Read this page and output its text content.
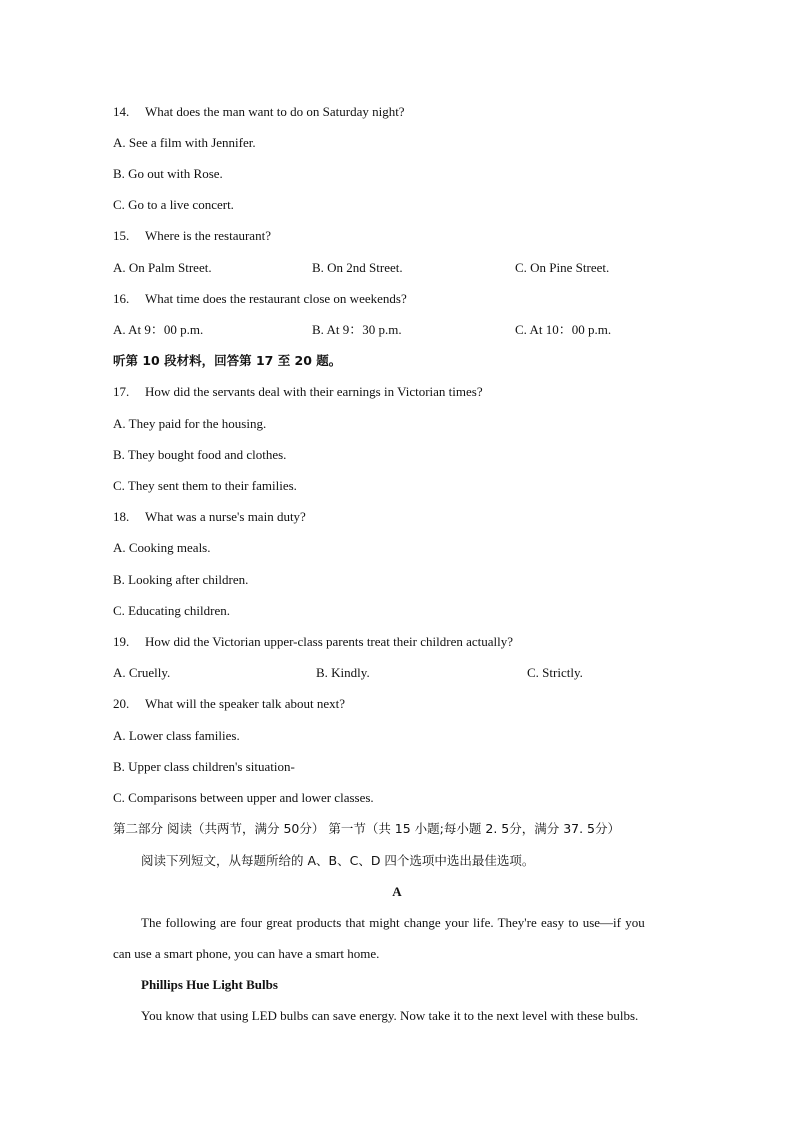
14. What does the man want to do on Saturday night?
A. See a film with Jennifer.
B. Go out with Rose.
C. Go to a live concert.
15. Where is the restaurant?
A. On Palm Street.	B. On 2nd Street.	C. On Pine Street.
16. What time does the restaurant close on weekends?
A. At 9：00 p.m.	B. At 9：30 p.m.	C. At 10：00 p.m.
听第 10 段材料，回答第 17 至 20 题。
17. How did the servants deal with their earnings in Victorian times?
A. They paid for the housing.
B. They bought food and clothes.
C. They sent them to their families.
18. What was a nurse's main duty?
A. Cooking meals.
B. Looking after children.
C. Educating children.
19. How did the Victorian upper-class parents treat their children actually?
A. Cruelly.	B. Kindly.	C. Strictly.
20. What will the speaker talk about next?
A. Lower class families.
B. Upper class children's situation-
C. Comparisons between upper and lower classes.
第二部分 阅读（共两节，满分 50分） 第一节（共 15 小题;每小题 2. 5分，满分 37. 5分）
阅读下列短文，从每题所给的 A、B、C、D 四个选项中选出最佳选项。
A
The following are four great products that might change your life. They're easy to use—if you
can use a smart phone, you can have a smart home.
Phillips Hue Light Bulbs
You know that using LED bulbs can save energy. Now take it to the next level with these bulbs.
